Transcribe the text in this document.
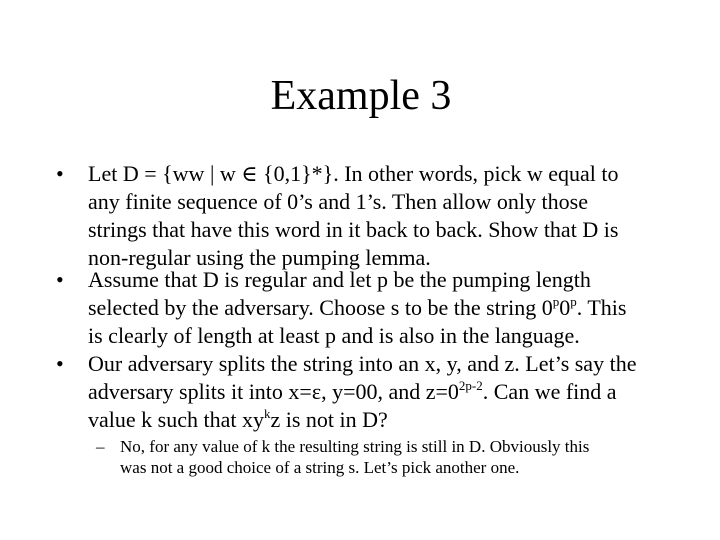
Example 3
•	Let D = {ww | w ∈ {0,1}*}. In other words, pick w equal to
any finite sequence of 0’s and 1’s. Then allow only those
strings that have this word in it back to back. Show that D is
non-regular using the pumping lemma.
•	Assume that D is regular and let p be the pumping length
selected by the adversary. Choose s to be the string 0$^p$0$^p$. This
is clearly of length at least p and is also in the language.
•	Our adversary splits the string into an x, y, and z. Let’s say the
adversary splits it into x=ε, y=00, and $z=0^{2p-2}$. Can we find a
value k such that $xy^kz$ is not in D?
– No, for any value of k the resulting string is still in D. Obviously this
was not a good choice of a string s. Let’s pick another one.
